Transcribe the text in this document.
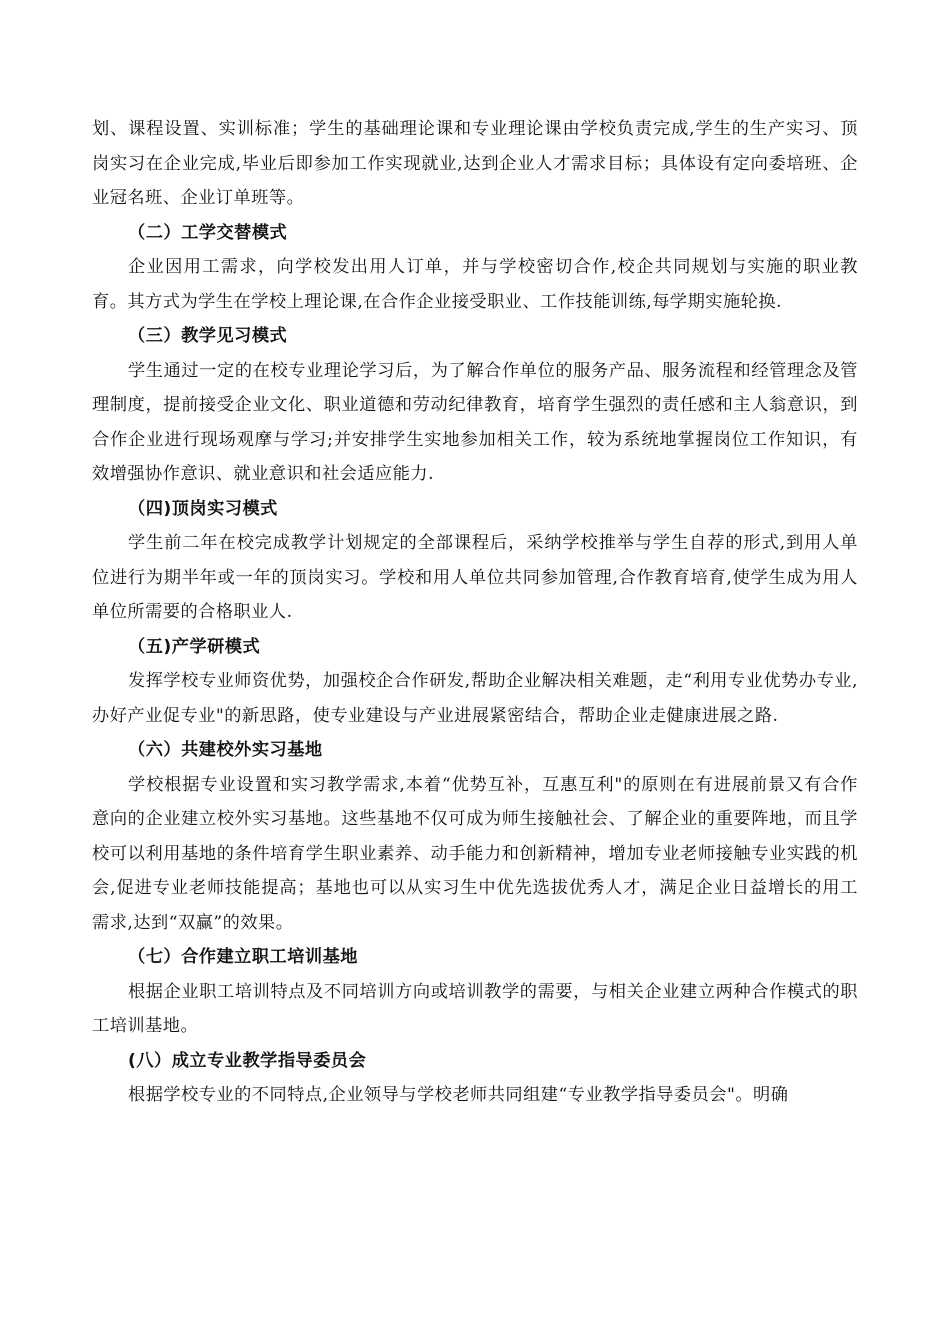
划、课程设置、实训标准；学生的基础理论课和专业理论课由学校负责完成,学生的生产实习、顶岗实习在企业完成,毕业后即参加工作实现就业,达到企业人才需求目标；具体设有定向委培班、企业冠名班、企业订单班等。

（二）工学交替模式

企业因用工需求，向学校发出用人订单，并与学校密切合作,校企共同规划与实施的职业教育。其方式为学生在学校上理论课,在合作企业接受职业、工作技能训练,每学期实施轮换.

（三）教学见习模式

学生通过一定的在校专业理论学习后，为了解合作单位的服务产品、服务流程和经管理念及管理制度，提前接受企业文化、职业道德和劳动纪律教育，培育学生强烈的责任感和主人翁意识，到合作企业进行现场观摩与学习;并安排学生实地参加相关工作，较为系统地掌握岗位工作知识，有效增强协作意识、就业意识和社会适应能力.

（四)顶岗实习模式

学生前二年在校完成教学计划规定的全部课程后，采纳学校推举与学生自荐的形式,到用人单位进行为期半年或一年的顶岗实习。学校和用人单位共同参加管理,合作教育培育,使学生成为用人单位所需要的合格职业人.

（五)产学研模式

发挥学校专业师资优势，加强校企合作研发,帮助企业解决相关难题，走“利用专业优势办专业,办好产业促专业"的新思路，使专业建设与产业进展紧密结合，帮助企业走健康进展之路.

（六）共建校外实习基地

学校根据专业设置和实习教学需求,本着“优势互补，互惠互利"的原则在有进展前景又有合作意向的企业建立校外实习基地。这些基地不仅可成为师生接触社会、了解企业的重要阵地，而且学校可以利用基地的条件培育学生职业素养、动手能力和创新精神，增加专业老师接触专业实践的机会,促进专业老师技能提高；基地也可以从实习生中优先选拔优秀人才，满足企业日益增长的用工需求,达到“双赢”的效果。

（七）合作建立职工培训基地

根据企业职工培训特点及不同培训方向或培训教学的需要，与相关企业建立两种合作模式的职工培训基地。

(八）成立专业教学指导委员会

根据学校专业的不同特点,企业领导与学校老师共同组建“专业教学指导委员会"。明确
